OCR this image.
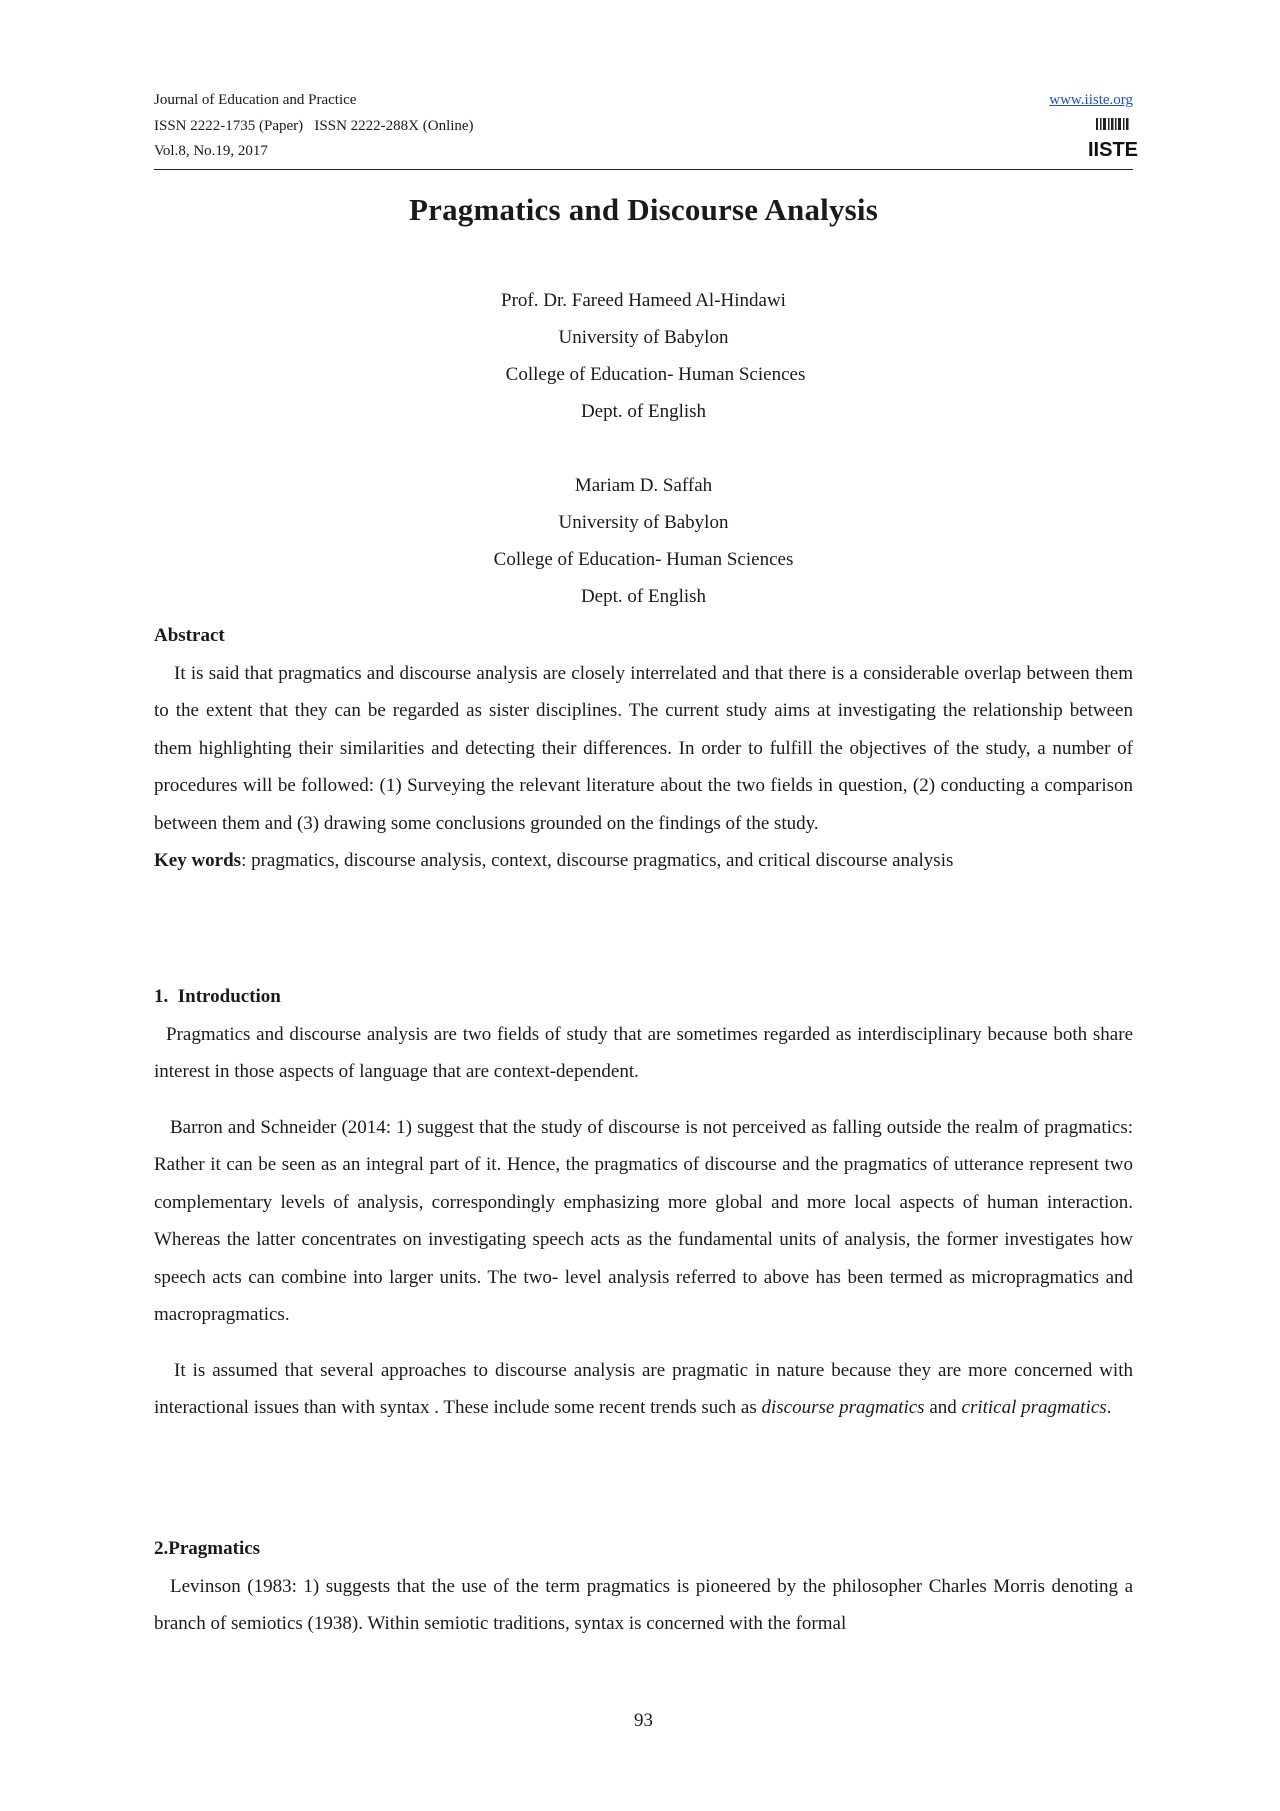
Journal of Education and Practice
ISSN 2222-1735 (Paper)   ISSN 2222-288X (Online)
Vol.8, No.19, 2017
www.iiste.org
IISTE
Pragmatics and Discourse Analysis
Prof. Dr. Fareed Hameed Al-Hindawi
University of Babylon
College of Education- Human Sciences
Dept. of English
Mariam D. Saffah
University of Babylon
College of Education- Human Sciences
Dept. of English
Abstract

It is said that pragmatics and discourse analysis are closely interrelated and that there is a considerable overlap between them to the extent that they can be regarded as sister disciplines. The current study aims at investigating the relationship between them highlighting their similarities and detecting their differences. In order to fulfill the objectives of the study, a number of procedures will be followed: (1) Surveying the relevant literature about the two fields in question, (2) conducting a comparison between them and (3) drawing some conclusions grounded on the findings of the study.

Key words: pragmatics, discourse analysis, context, discourse pragmatics, and critical discourse analysis

1.  Introduction

Pragmatics and discourse analysis are two fields of study that are sometimes regarded as interdisciplinary because both share interest in those aspects of language that are context-dependent.

Barron and Schneider (2014: 1) suggest that the study of discourse is not perceived as falling outside the realm of pragmatics: Rather it can be seen as an integral part of it. Hence, the pragmatics of discourse and the pragmatics of utterance represent two complementary levels of analysis, correspondingly emphasizing more global and more local aspects of human interaction. Whereas the latter concentrates on investigating speech acts as the fundamental units of analysis, the former investigates how speech acts can combine into larger units. The two- level analysis referred to above has been termed as micropragmatics and macropragmatics.

It is assumed that several approaches to discourse analysis are pragmatic in nature because they are more concerned with interactional issues than with syntax . These include some recent trends such as discourse pragmatics and critical pragmatics.

2.Pragmatics

Levinson (1983: 1) suggests that the use of the term pragmatics is pioneered by the philosopher Charles Morris denoting a branch of semiotics (1938). Within semiotic traditions, syntax is concerned with the formal

93
